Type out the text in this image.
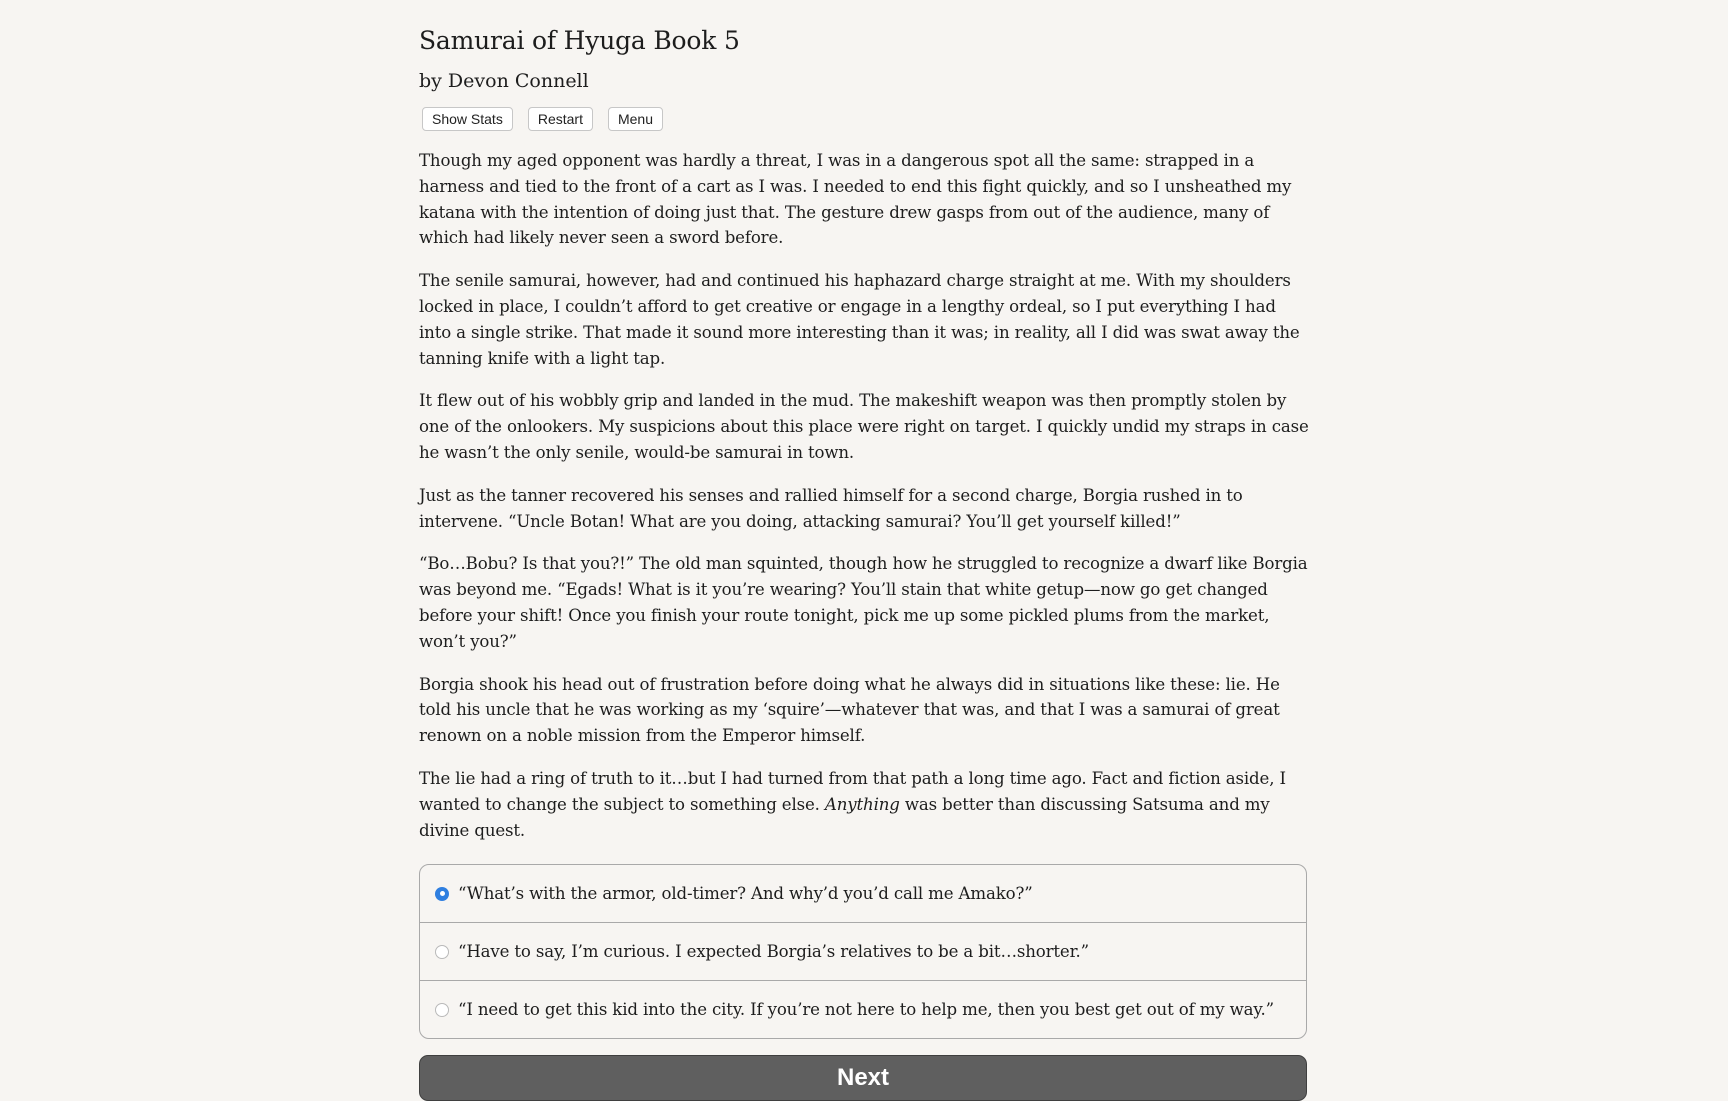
Samurai of Hyuga Book 5
by Devon Connell
Show Stats	Restart	Menu

Though my aged opponent was hardly a threat, I was in a dangerous spot all the same: strapped in a harness and tied to the front of a cart as I was. I needed to end this fight quickly, and so I unsheathed my katana with the intention of doing just that. The gesture drew gasps from out of the audience, many of which had likely never seen a sword before.

The senile samurai, however, had and continued his haphazard charge straight at me. With my shoulders locked in place, I couldn’t afford to get creative or engage in a lengthy ordeal, so I put everything I had into a single strike. That made it sound more interesting than it was; in reality, all I did was swat away the tanning knife with a light tap.

It flew out of his wobbly grip and landed in the mud. The makeshift weapon was then promptly stolen by one of the onlookers. My suspicions about this place were right on target. I quickly undid my straps in case he wasn’t the only senile, would-be samurai in town.

Just as the tanner recovered his senses and rallied himself for a second charge, Borgia rushed in to intervene. “Uncle Botan! What are you doing, attacking samurai? You’ll get yourself killed!”

“Bo…Bobu? Is that you?!” The old man squinted, though how he struggled to recognize a dwarf like Borgia was beyond me. “Egads! What is it you’re wearing? You’ll stain that white getup—now go get changed before your shift! Once you finish your route tonight, pick me up some pickled plums from the market, won’t you?”

Borgia shook his head out of frustration before doing what he always did in situations like these: lie. He told his uncle that he was working as my ‘squire’—whatever that was, and that I was a samurai of great renown on a noble mission from the Emperor himself.

The lie had a ring of truth to it…but I had turned from that path a long time ago. Fact and fiction aside, I wanted to change the subject to something else. Anything was better than discussing Satsuma and my divine quest.

“What’s with the armor, old-timer? And why’d you’d call me Amako?”
“Have to say, I’m curious. I expected Borgia’s relatives to be a bit…shorter.”
“I need to get this kid into the city. If you’re not here to help me, then you best get out of my way.”
Next
